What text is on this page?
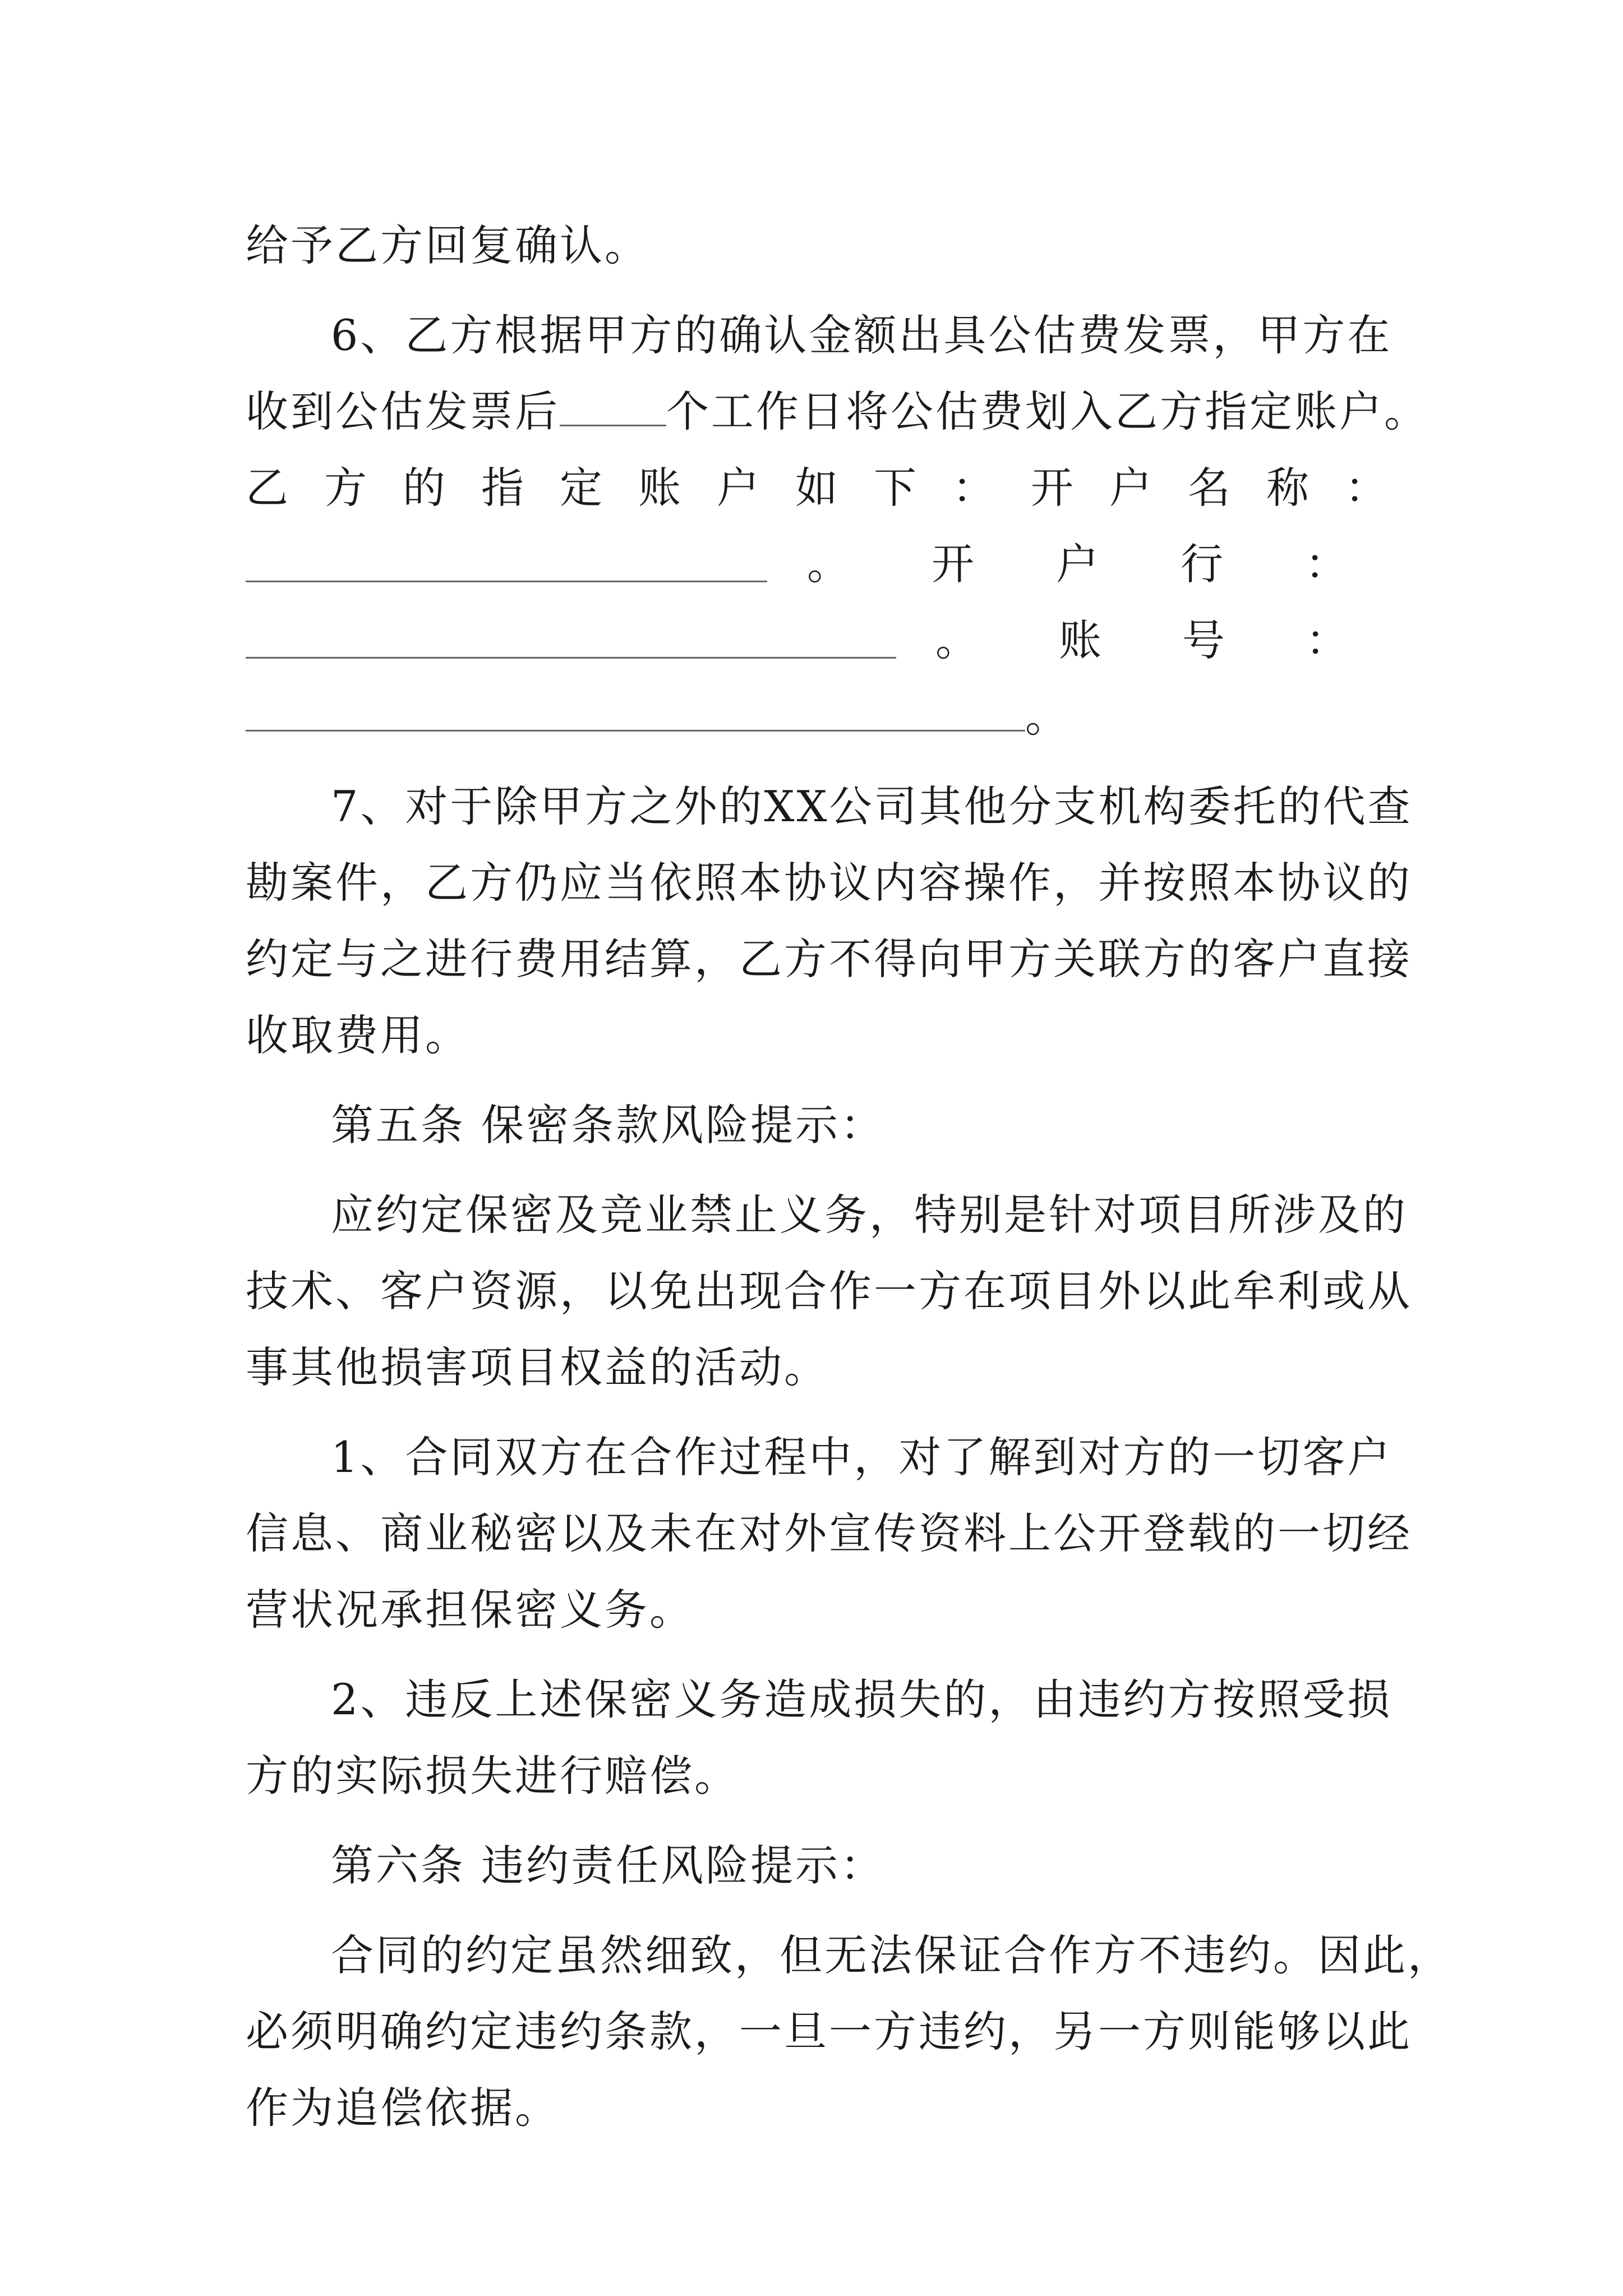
给予乙方回复确认。
6、乙方根据甲方的确认金额出具公估费发票，甲方在
收到公估发票后	个工作日将公估费划入乙方指定账户。
乙 方 的 指 定 账 户 如 下 ： 开 户 名 称 ：
。 开 户 行 ：
。 账 号 ：
。
7、对于除甲方之外的XX公司其他分支机构委托的代查
勘案件，乙方仍应当依照本协议内容操作，并按照本协议的
约定与之进行费用结算，乙方不得向甲方关联方的客户直接
收取费用。
第五条 保密条款风险提示：
应约定保密及竞业禁止义务，特别是针对项目所涉及的
技术、客户资源，以免出现合作一方在项目外以此牟利或从
事其他损害项目权益的活动。
1、合同双方在合作过程中，对了解到对方的一切客户
信息、商业秘密以及未在对外宣传资料上公开登载的一切经
营状况承担保密义务。
2、违反上述保密义务造成损失的，由违约方按照受损
方的实际损失进行赔偿。
第六条 违约责任风险提示：
合同的约定虽然细致，但无法保证合作方不违约。因此，
必须明确约定违约条款，一旦一方违约，另一方则能够以此
作为追偿依据。
